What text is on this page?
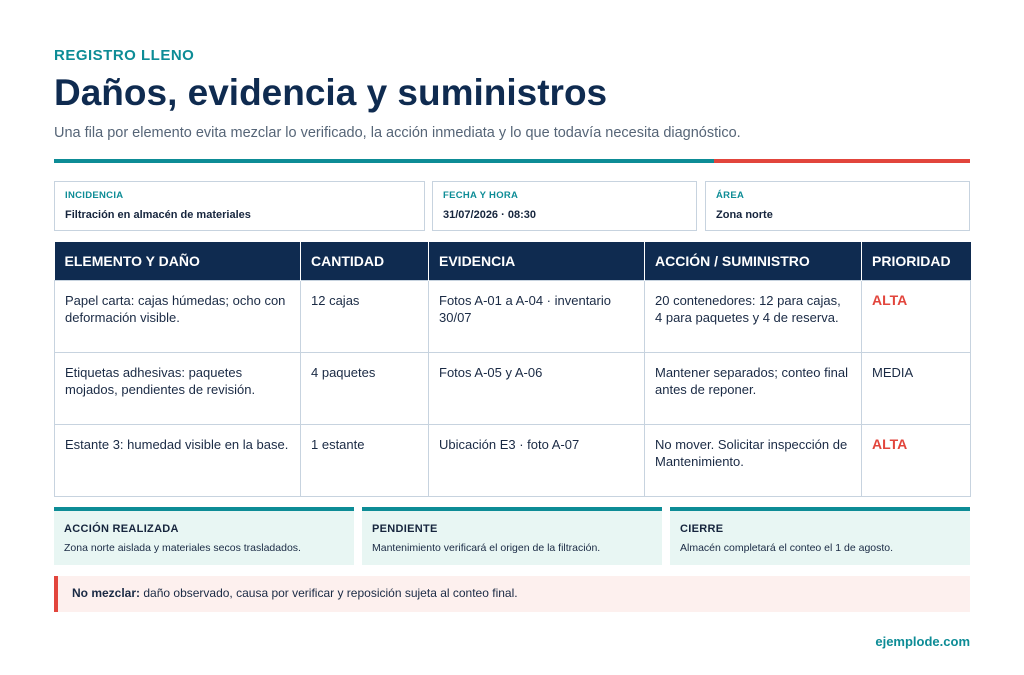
REGISTRO LLENO
Daños, evidencia y suministros

Una fila por elemento evita mezclar lo verificado, la acción inmediata y lo que todavía necesita diagnóstico.

INCIDENCIA
Filtración en almacén de materiales
FECHA Y HORA
31/07/2026 · 08:30
ÁREA
Zona norte
ELEMENTO Y DAÑO	CANTIDAD	EVIDENCIA	ACCIÓN / SUMINISTRO	PRIORIDAD
Papel carta: cajas húmedas; ocho con deformación visible.	12 cajas	Fotos A-01 a A-04 · inventario 30/07	20 contenedores: 12 para cajas, 4 para paquetes y 4 de reserva.	ALTA
Etiquetas adhesivas: paquetes mojados, pendientes de revisión.	4 paquetes	Fotos A-05 y A-06	Mantener separados; conteo final antes de reponer.	MEDIA
Estante 3: humedad visible en la base.	1 estante	Ubicación E3 · foto A-07	No mover. Solicitar inspección de Mantenimiento.	ALTA
ACCIÓN REALIZADA
Zona norte aislada y materiales secos trasladados.
PENDIENTE
Mantenimiento verificará el origen de la filtración.
CIERRE
Almacén completará el conteo el 1 de agosto.
No mezclar: daño observado, causa por verificar y reposición sujeta al conteo final.
ejemplode.com
